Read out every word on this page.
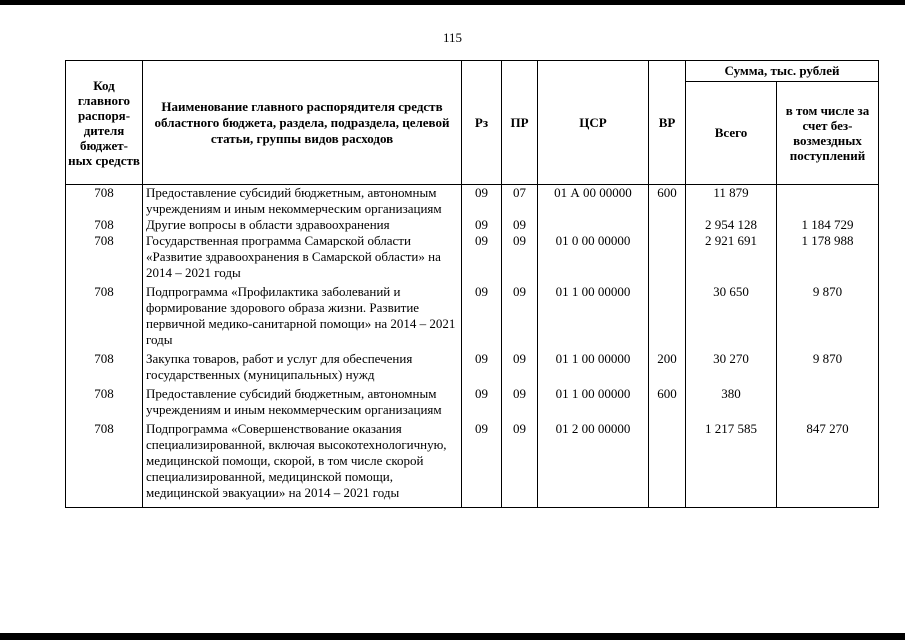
115
Код главного распоря-дителя бюджет-ных средств	Наименование главного распорядителя средств областного бюджета, раздела, подраздела, целевой статьи, группы видов расходов	Рз	ПР	ЦСР	ВР	Сумма, тыс. рублей	
						Всего	в том числе за счет без-возмездных поступлений
708	Предоставление субсидий бюджетным, автономным учреждениям и иным некоммерческим организациям	09	07	01 А 00 00000	600	11 879	
708	Другие вопросы в области здравоохранения	09	09			2 954 128	1 184 729
708	Государственная программа Самарской области «Развитие здравоохранения в Самарской области» на 2014 – 2021 годы	09	09	01 0 00 00000		2 921 691	1 178 988
708	Подпрограмма «Профилактика заболеваний и формирование здорового образа жизни. Развитие первичной медико-санитарной помощи» на 2014 – 2021 годы	09	09	01 1 00 00000		30 650	9 870
708	Закупка товаров, работ и услуг для обеспечения государственных (муниципальных) нужд	09	09	01 1 00 00000	200	30 270	9 870
708	Предоставление субсидий бюджетным, автономным учреждениям и иным некоммерческим организациям	09	09	01 1 00 00000	600	380	
708	Подпрограмма «Совершенствование оказания специализированной, включая высокотехнологичную, медицинской помощи, скорой, в том числе скорой специализированной, медицинской помощи, медицинской эвакуации» на 2014 – 2021 годы	09	09	01 2 00 00000		1 217 585	847 270
